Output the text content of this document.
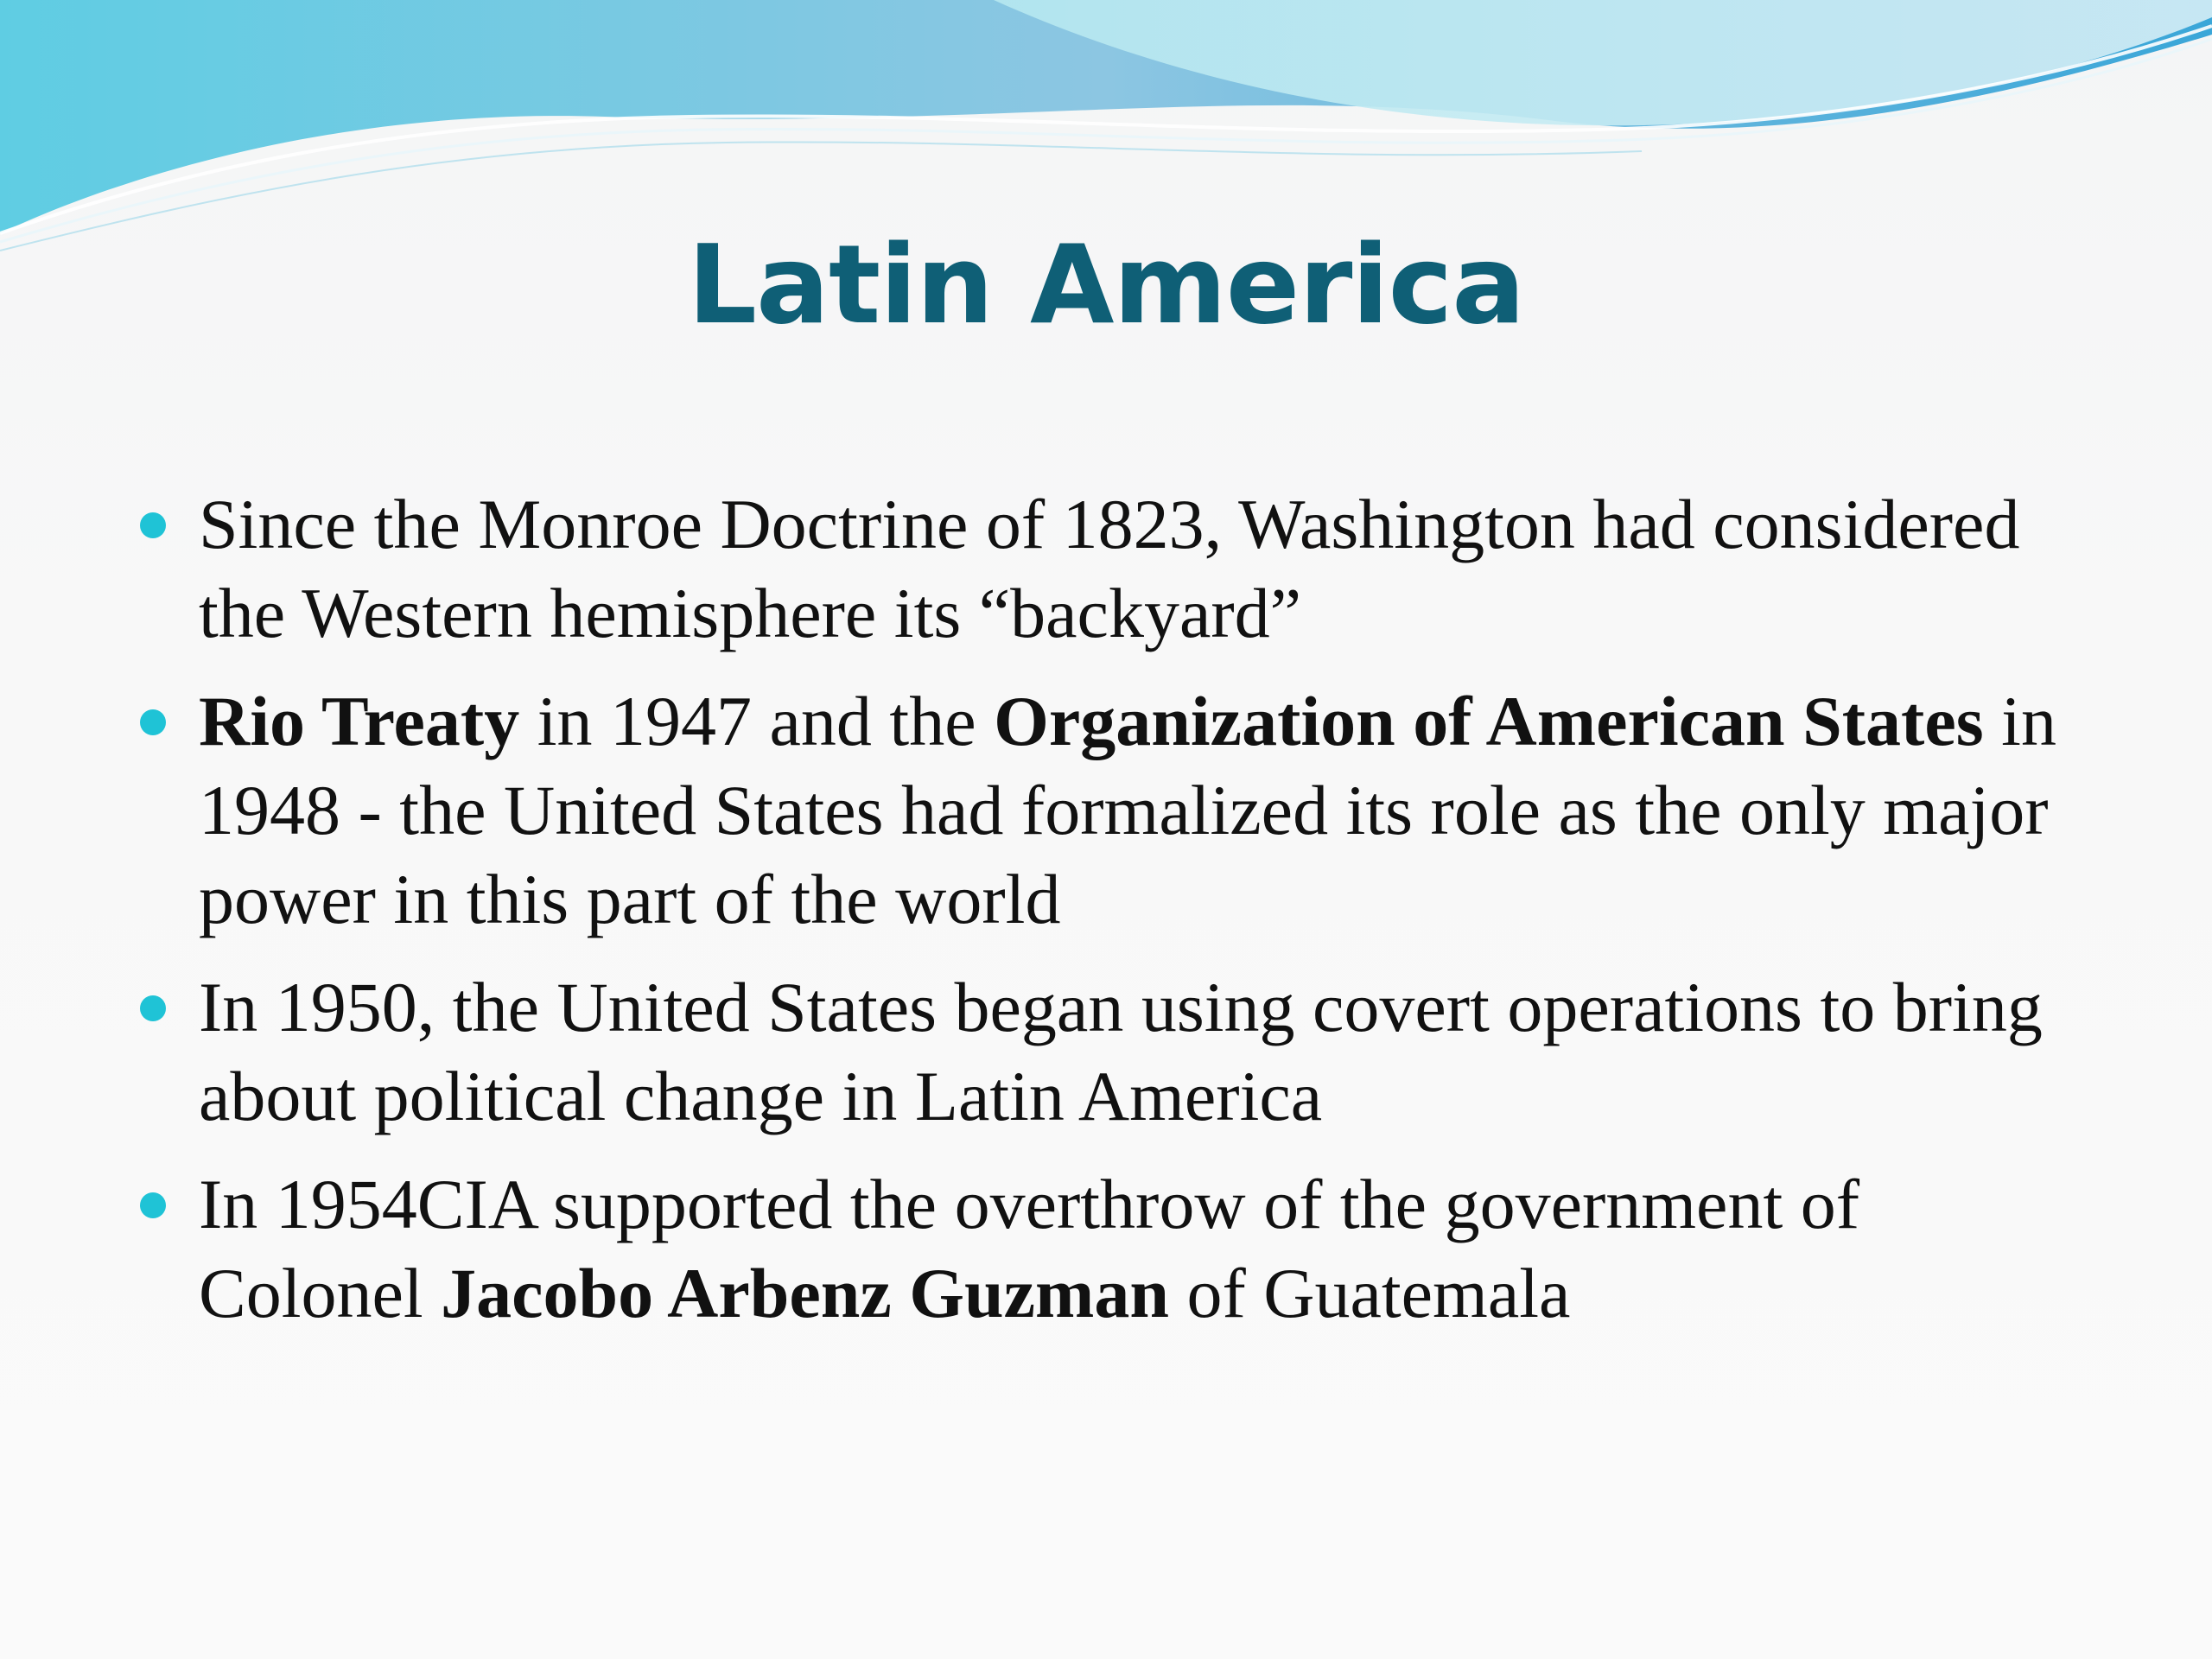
Latin America
Since the Monroe Doctrine of 1823, Washington had considered the Western hemisphere its “backyard”
Rio Treaty in 1947 and the Organization of American States in 1948 - the United States had formalized its role as the only major power in this part of the world
In 1950, the United States began using covert operations to bring about political change in Latin America
In 1954CIA supported the overthrow of the government of Colonel Jacobo Arbenz Guzman of Guatemala
